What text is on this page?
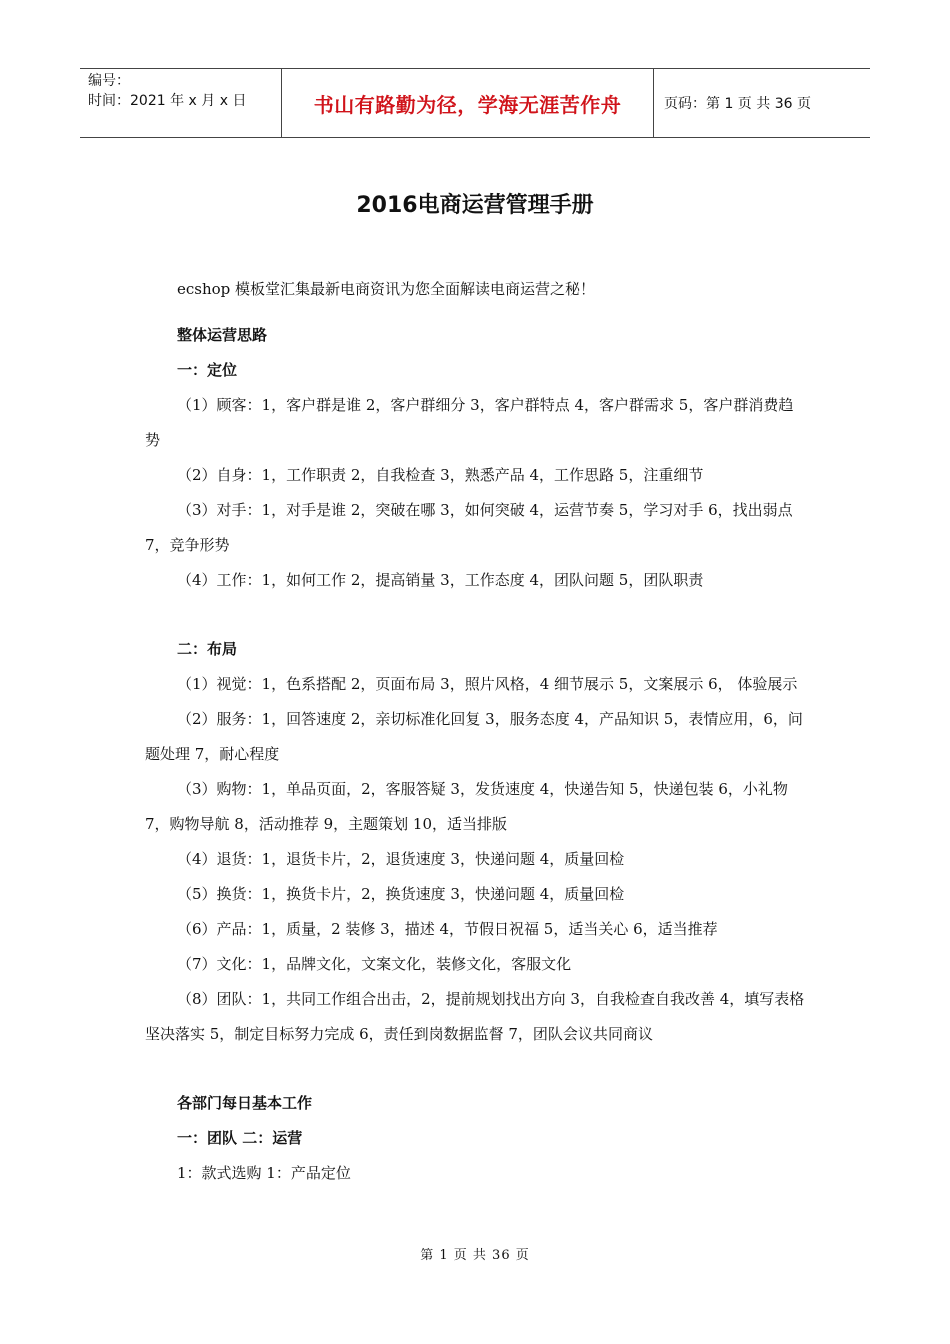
编号：
时间：2021 年 x 月 x 日	书山有路勤为径，学海无涯苦作舟	页码：第 1 页 共 36 页
2016电商运营管理手册

ecshop 模板堂汇集最新电商资讯为您全面解读电商运营之秘！

整体运营思路

一：定位

（1）顾客：1，客户群是谁 2，客户群细分 3，客户群特点 4，客户群需求 5，客户群消费趋势

（2）自身：1，工作职责 2，自我检查 3，熟悉产品 4，工作思路 5，注重细节

（3）对手：1，对手是谁 2，突破在哪 3，如何突破 4，运营节奏 5，学习对手 6，找出弱点 7，竞争形势

（4）工作：1，如何工作 2，提高销量 3，工作态度 4，团队问题 5，团队职责

二：布局

（1）视觉：1，色系搭配 2，页面布局 3，照片风格，4 细节展示 5，文案展示 6， 体验展示

（2）服务：1，回答速度 2，亲切标准化回复 3，服务态度 4，产品知识 5，表情应用，6，问题处理 7，耐心程度

（3）购物：1，单品页面，2，客服答疑 3，发货速度 4，快递告知 5，快递包装 6，小礼物 7，购物导航 8，活动推荐 9，主题策划 10，适当排版

（4）退货：1，退货卡片，2，退货速度 3，快递问题 4，质量回检

（5）换货：1，换货卡片，2，换货速度 3，快递问题 4，质量回检

（6）产品：1，质量，2 装修 3，描述 4，节假日祝福 5，适当关心 6，适当推荐

（7）文化：1，品牌文化，文案文化，装修文化，客服文化

（8）团队：1，共同工作组合出击，2，提前规划找出方向 3，自我检查自我改善 4，填写表格坚决落实 5，制定目标努力完成 6，责任到岗数据监督 7，团队会议共同商议

各部门每日基本工作

一：团队 二：运营

1：款式选购 1：产品定位

第 1 页 共 36 页
